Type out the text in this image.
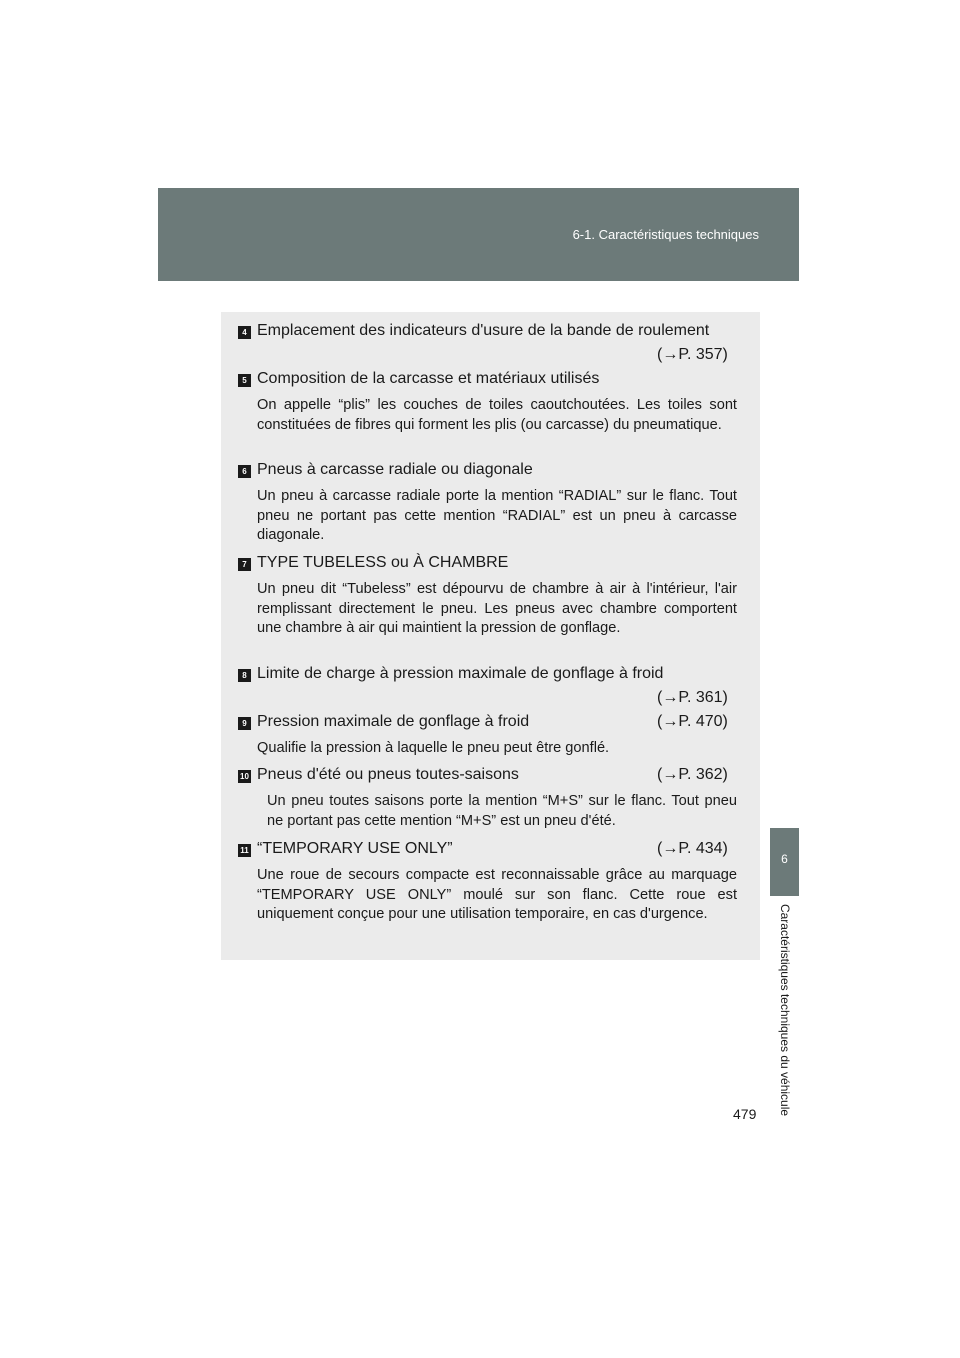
6-1. Caractéristiques techniques
6
Caractéristiques techniques du véhicule
479
4 Emplacement des indicateurs d'usure de la bande de roulement
(→P. 357)
5 Composition de la carcasse et matériaux utilisés
On appelle “plis” les couches de toiles caoutchoutées. Les toiles sont constituées de fibres qui forment les plis (ou carcasse) du pneumatique.
6 Pneus à carcasse radiale ou diagonale
Un pneu à carcasse radiale porte la mention “RADIAL” sur le flanc. Tout pneu ne portant pas cette mention “RADIAL” est un pneu à carcasse diagonale.
7 TYPE TUBELESS ou À CHAMBRE
Un pneu dit “Tubeless” est dépourvu de chambre à air à l'intérieur, l'air remplissant directement le pneu. Les pneus avec chambre comportent une chambre à air qui maintient la pression de gonflage.
8 Limite de charge à pression maximale de gonflage à froid
(→P. 361)
9 Pression maximale de gonflage à froid	(→P. 470)
Qualifie la pression à laquelle le pneu peut être gonflé.
10 Pneus d'été ou pneus toutes-saisons	(→P. 362)
Un pneu toutes saisons porte la mention “M+S” sur le flanc. Tout pneu ne portant pas cette mention “M+S” est un pneu d'été.
11 “TEMPORARY USE ONLY”	(→P. 434)
Une roue de secours compacte est reconnaissable grâce au marquage “TEMPORARY USE ONLY” moulé sur son flanc. Cette roue est uniquement conçue pour une utilisation temporaire, en cas d'urgence.
